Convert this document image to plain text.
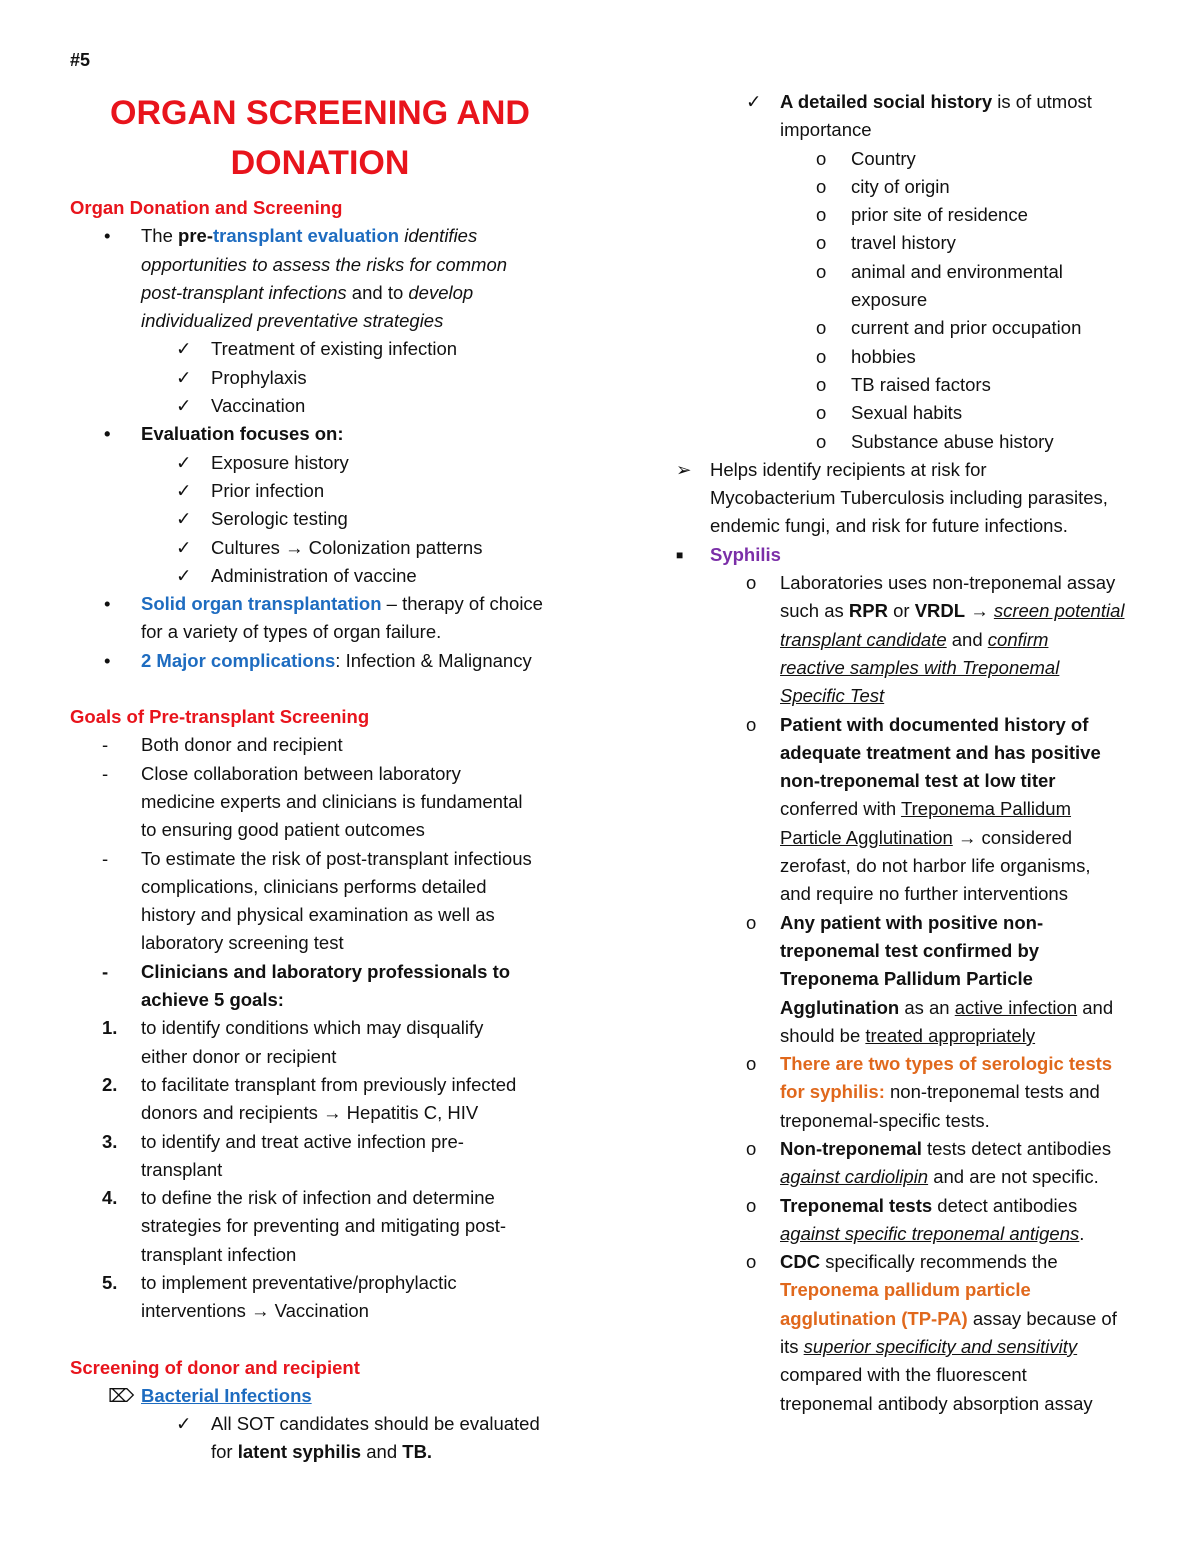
#5
ORGAN SCREENING AND
DONATION
Organ Donation and Screening
• The pre-transplant evaluation identifies
opportunities to assess the risks for common
post-transplant infections and to develop
individualized preventative strategies
✓ Treatment of existing infection
✓ Prophylaxis
✓ Vaccination
• Evaluation focuses on:
✓ Exposure history
✓ Prior infection
✓ Serologic testing
✓ Cultures → Colonization patterns
✓ Administration of vaccine
• Solid organ transplantation – therapy of choice
for a variety of types of organ failure.
• 2 Major complications: Infection & Malignancy
Goals of Pre-transplant Screening
- Both donor and recipient
- Close collaboration between laboratory
medicine experts and clinicians is fundamental
to ensuring good patient outcomes
- To estimate the risk of post-transplant infectious
complications, clinicians performs detailed
history and physical examination as well as
laboratory screening test
- Clinicians and laboratory professionals to
achieve 5 goals:
1. to identify conditions which may disqualify
either donor or recipient
2. to facilitate transplant from previously infected
donors and recipients → Hepatitis C, HIV
3. to identify and treat active infection pre-
transplant
4. to define the risk of infection and determine
strategies for preventing and mitigating post-
transplant infection
5. to implement preventative/prophylactic
interventions → Vaccination
Screening of donor and recipient
⌦ Bacterial Infections
✓ All SOT candidates should be evaluated
for latent syphilis and TB.
✓ A detailed social history is of utmost
importance
o Country
o city of origin
o prior site of residence
o travel history
o animal and environmental
exposure
o current and prior occupation
o hobbies
o TB raised factors
o Sexual habits
o Substance abuse history
➢ Helps identify recipients at risk for
Mycobacterium Tuberculosis including parasites,
endemic fungi, and risk for future infections.
■ Syphilis
o Laboratories uses non-treponemal assay
such as RPR or VRDL → screen potential
transplant candidate and confirm
reactive samples with Treponemal
Specific Test
o Patient with documented history of
adequate treatment and has positive
non-treponemal test at low titer
conferred with Treponema Pallidum
Particle Agglutination → considered
zerofast, do not harbor life organisms,
and require no further interventions
o Any patient with positive non-
treponemal test confirmed by
Treponema Pallidum Particle
Agglutination as an active infection and
should be treated appropriately
o There are two types of serologic tests
for syphilis: non-treponemal tests and
treponemal-specific tests.
o Non-treponemal tests detect antibodies
against cardiolipin and are not specific.
o Treponemal tests detect antibodies
against specific treponemal antigens.
o CDC specifically recommends the
Treponema pallidum particle
agglutination (TP-PA) assay because of
its superior specificity and sensitivity
compared with the fluorescent
treponemal antibody absorption assay
